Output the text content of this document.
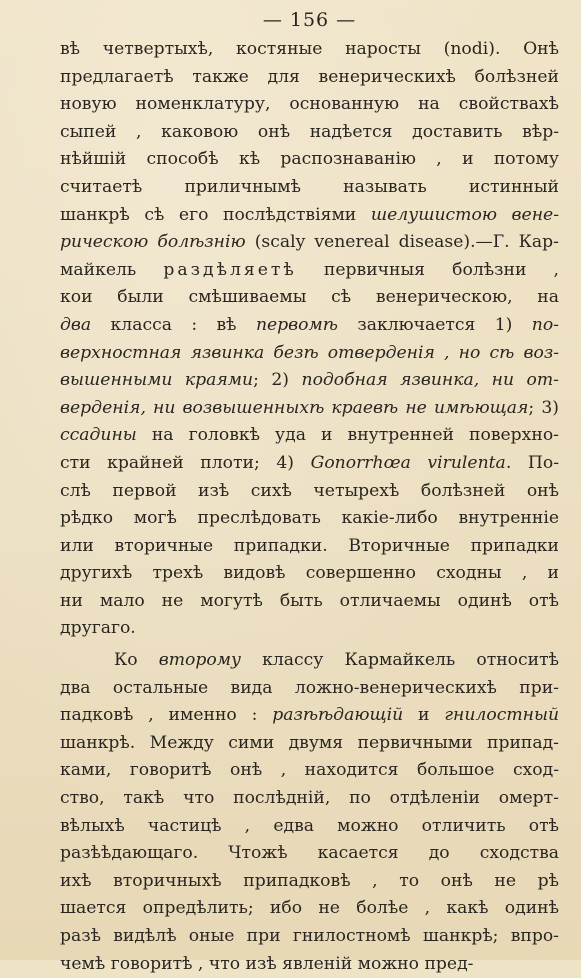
— 156 —
вѣ четвертыхѣ, костяные наросты (nodi). Онѣ
предлагаетѣ также для венерическихѣ болѣзней
новую номенклатуру, основанную на свойствахѣ
сыпей , каковою онѣ надѣется доставить вѣр-
нѣйшій способѣ кѣ распознаванію , и потому
считаетѣ приличнымѣ называть истинный
шанкрѣ сѣ его послѣдствіями шелушистою вене-
рическою болѣзнію (scaly venereal disease).—Г. Кар-
майкель раздѣляетѣ первичныя болѣзни ,
кои были смѣшиваемы сѣ венерическою, на
два класса : вѣ первомѣ заключается 1) по-
верхностная язвинка безѣ отверденія , но сѣ воз-
вышенными краями; 2) подобная язвинка, ни от-
верденія, ни возвышенныхѣ краевѣ не имѣющая; 3)
ссадины на головкѣ уда и внутренней поверхно-
сти крайней плоти; 4) Gonorrhœa virulenta. По-
слѣ первой изѣ сихѣ четырехѣ болѣзней онѣ
рѣдко могѣ преслѣдовать какіе-либо внутренніе
или вторичные припадки. Вторичные припадки
другихѣ трехѣ видовѣ совершенно сходны , и
ни мало не могутѣ быть отличаемы одинѣ отѣ
другаго.
Ко второму классу Кармайкель относитѣ
два остальные вида ложно-венерическихѣ при-
падковѣ , именно : разѣѣдающій и гнилостный
шанкрѣ. Между сими двумя первичными припад-
ками, говоритѣ онѣ , находится большое сход-
ство, такѣ что послѣдній, по отдѣленіи омерт-
вѣлыхѣ частицѣ , едва можно отличить отѣ
разѣѣдающаго. Чтожѣ касается до сходства
ихѣ вторичныхѣ припадковѣ , то онѣ не рѣ
шается опредѣлить; ибо не болѣе , какѣ одинѣ
разѣ видѣлѣ оные при гнилостномѣ шанкрѣ; впро-
чемѣ говоритѣ , что изѣ явленій можно пред-
